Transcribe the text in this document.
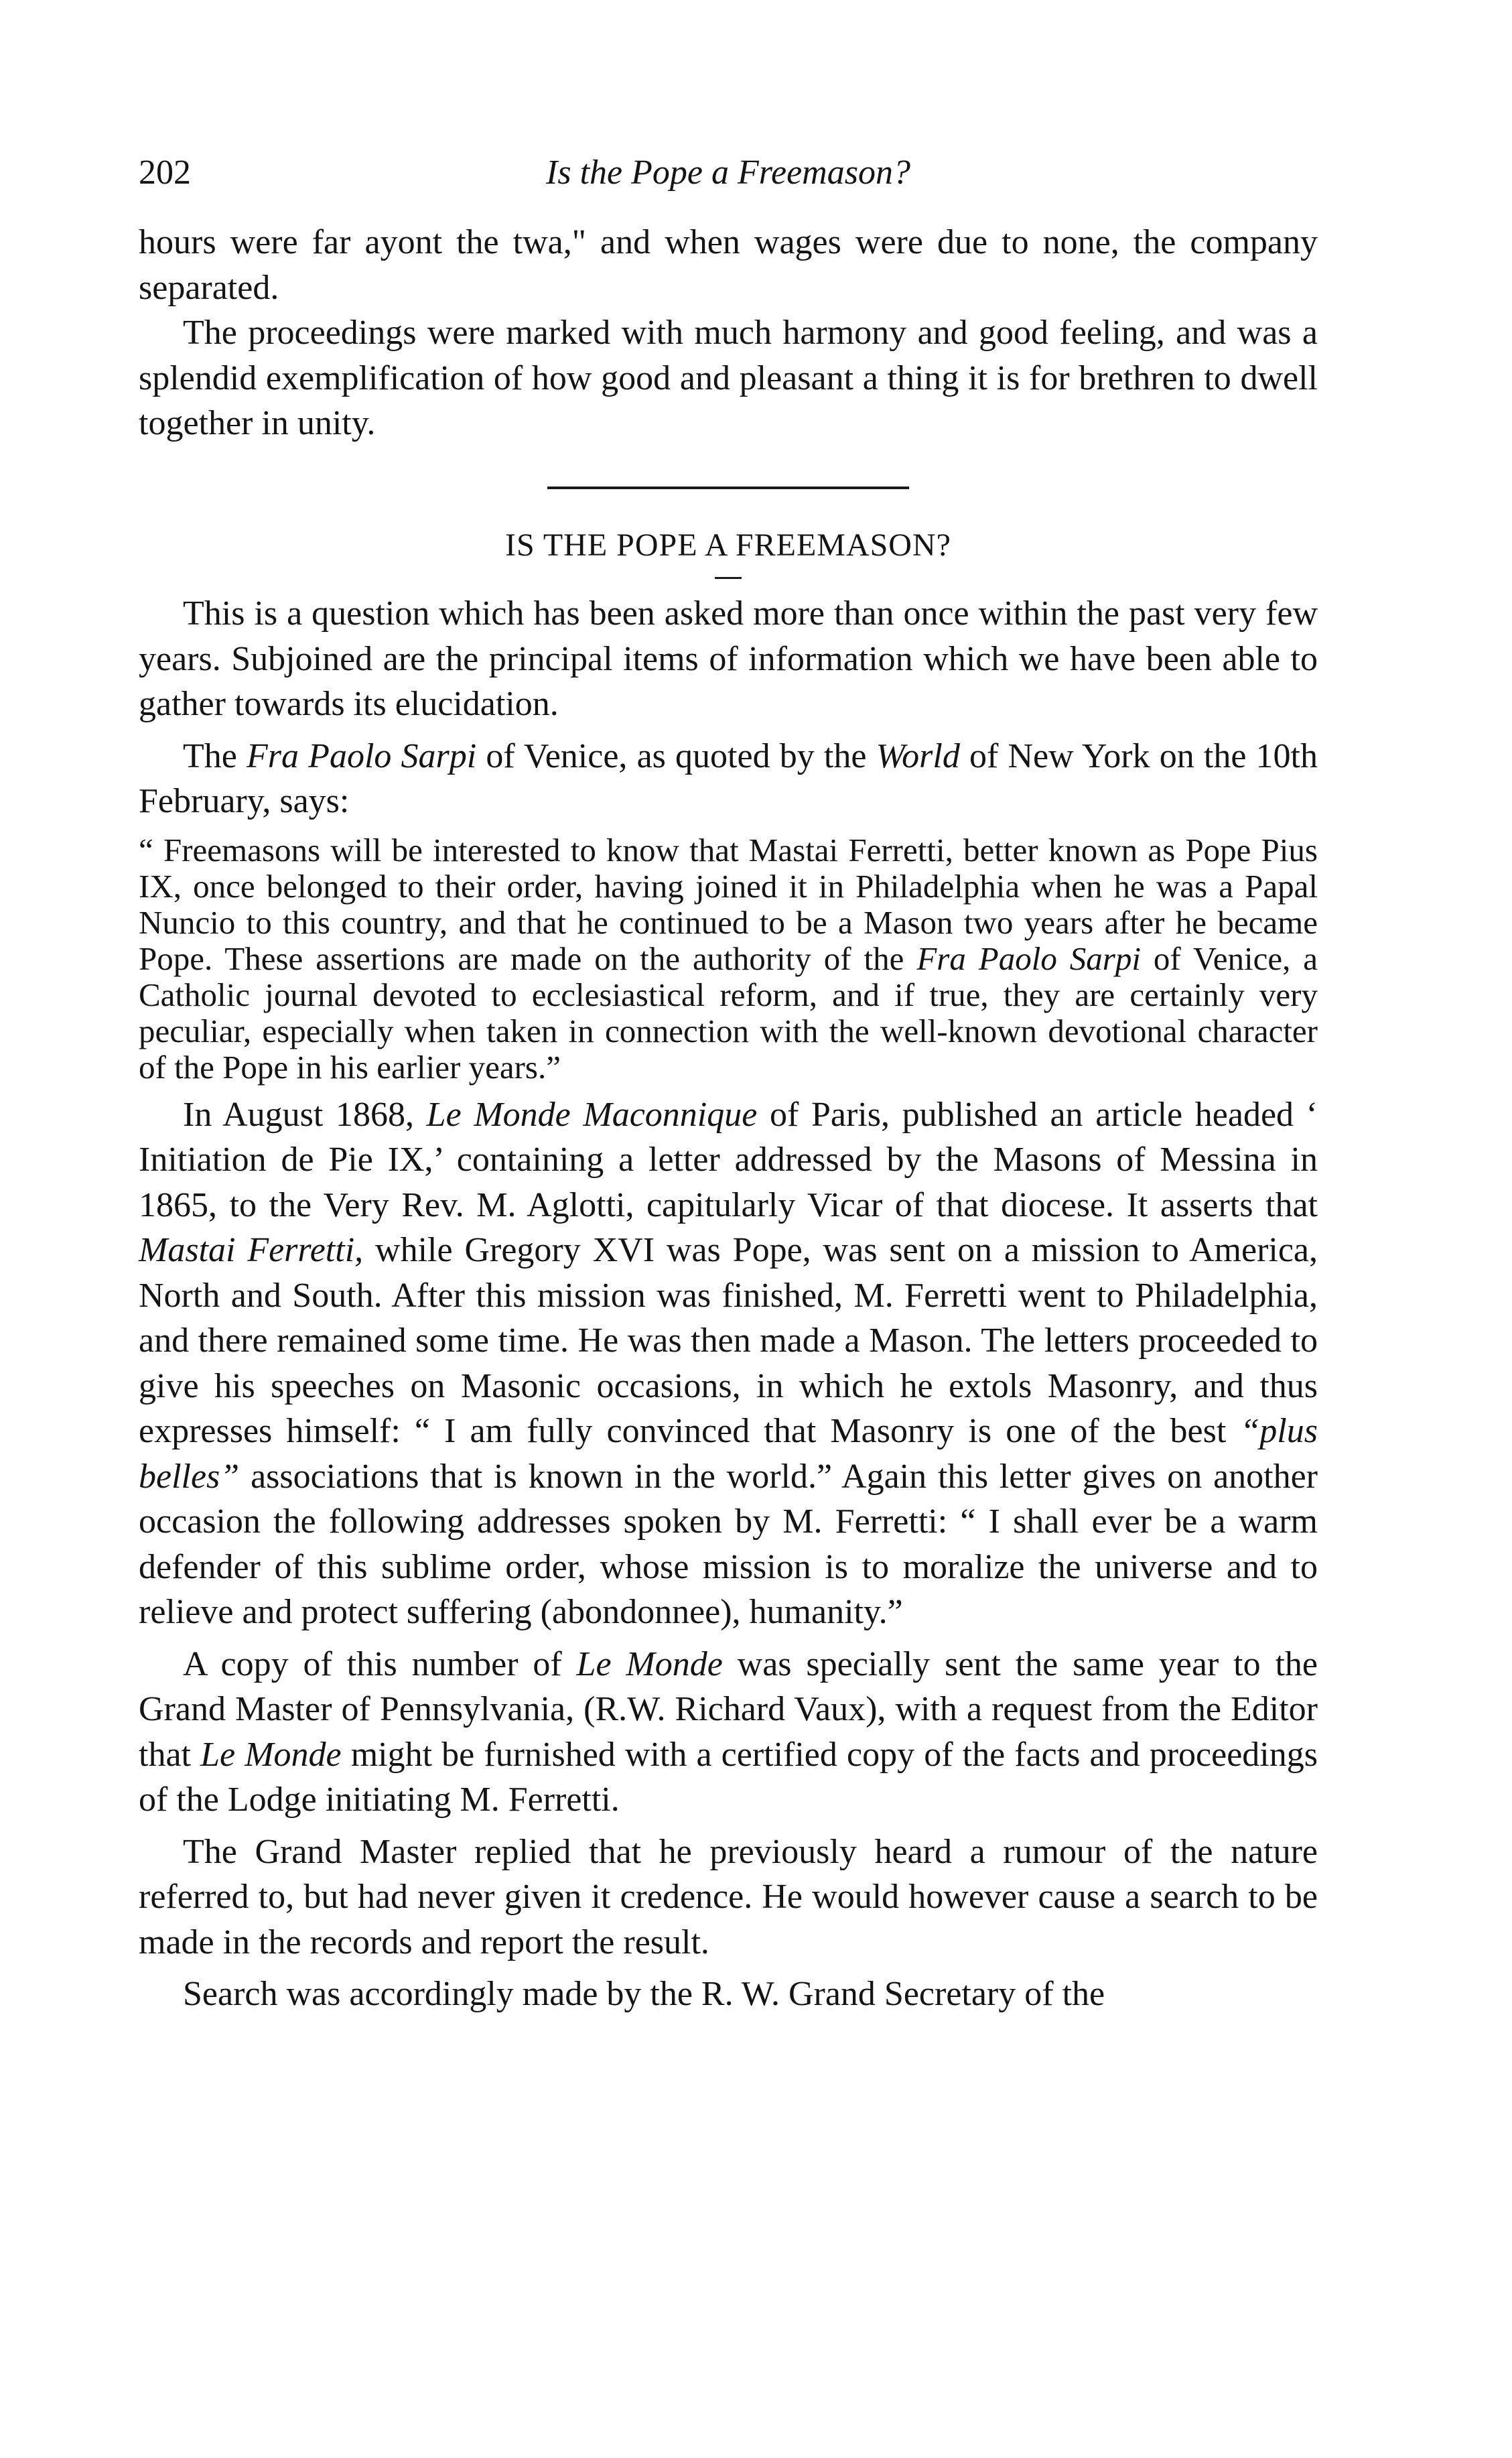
202	Is the Pope a Freemason?

hours were far ayont the twa," and when wages were due to none, the company separated.

The proceedings were marked with much harmony and good feeling, and was a splendid exemplification of how good and pleasant a thing it is for brethren to dwell together in unity.

IS THE POPE A FREEMASON?

This is a question which has been asked more than once within the past very few years. Subjoined are the principal items of information which we have been able to gather towards its elucidation.

The Fra Paolo Sarpi of Venice, as quoted by the World of New York on the 10th February, says:

“ Freemasons will be interested to know that Mastai Ferretti, better known as Pope Pius IX, once belonged to their order, having joined it in Philadelphia when he was a Papal Nuncio to this country, and that he continued to be a Mason two years after he became Pope. These assertions are made on the authority of the Fra Paolo Sarpi of Venice, a Catholic journal devoted to ecclesiastical reform, and if true, they are certainly very peculiar, especially when taken in connection with the well-known devotional character of the Pope in his earlier years.”

In August 1868, Le Monde Maconnique of Paris, published an article headed ‘ Initiation de Pie IX,’ containing a letter addressed by the Masons of Messina in 1865, to the Very Rev. M. Aglotti, capitularly Vicar of that diocese. It asserts that Mastai Ferretti, while Gregory XVI was Pope, was sent on a mission to America, North and South. After this mission was finished, M. Ferretti went to Philadelphia, and there remained some time. He was then made a Mason. The letters proceeded to give his speeches on Masonic occasions, in which he extols Masonry, and thus expresses himself: “ I am fully convinced that Masonry is one of the best “plus belles” associations that is known in the world.” Again this letter gives on another occasion the following addresses spoken by M. Ferretti: “ I shall ever be a warm defender of this sublime order, whose mission is to moralize the universe and to relieve and protect suffering (abondonnee), humanity.”

A copy of this number of Le Monde was specially sent the same year to the Grand Master of Pennsylvania, (R.W. Richard Vaux), with a request from the Editor that Le Monde might be furnished with a certified copy of the facts and proceedings of the Lodge initiating M. Ferretti.

The Grand Master replied that he previously heard a rumour of the nature referred to, but had never given it credence. He would however cause a search to be made in the records and report the result.

Search was accordingly made by the R. W. Grand Secretary of the
